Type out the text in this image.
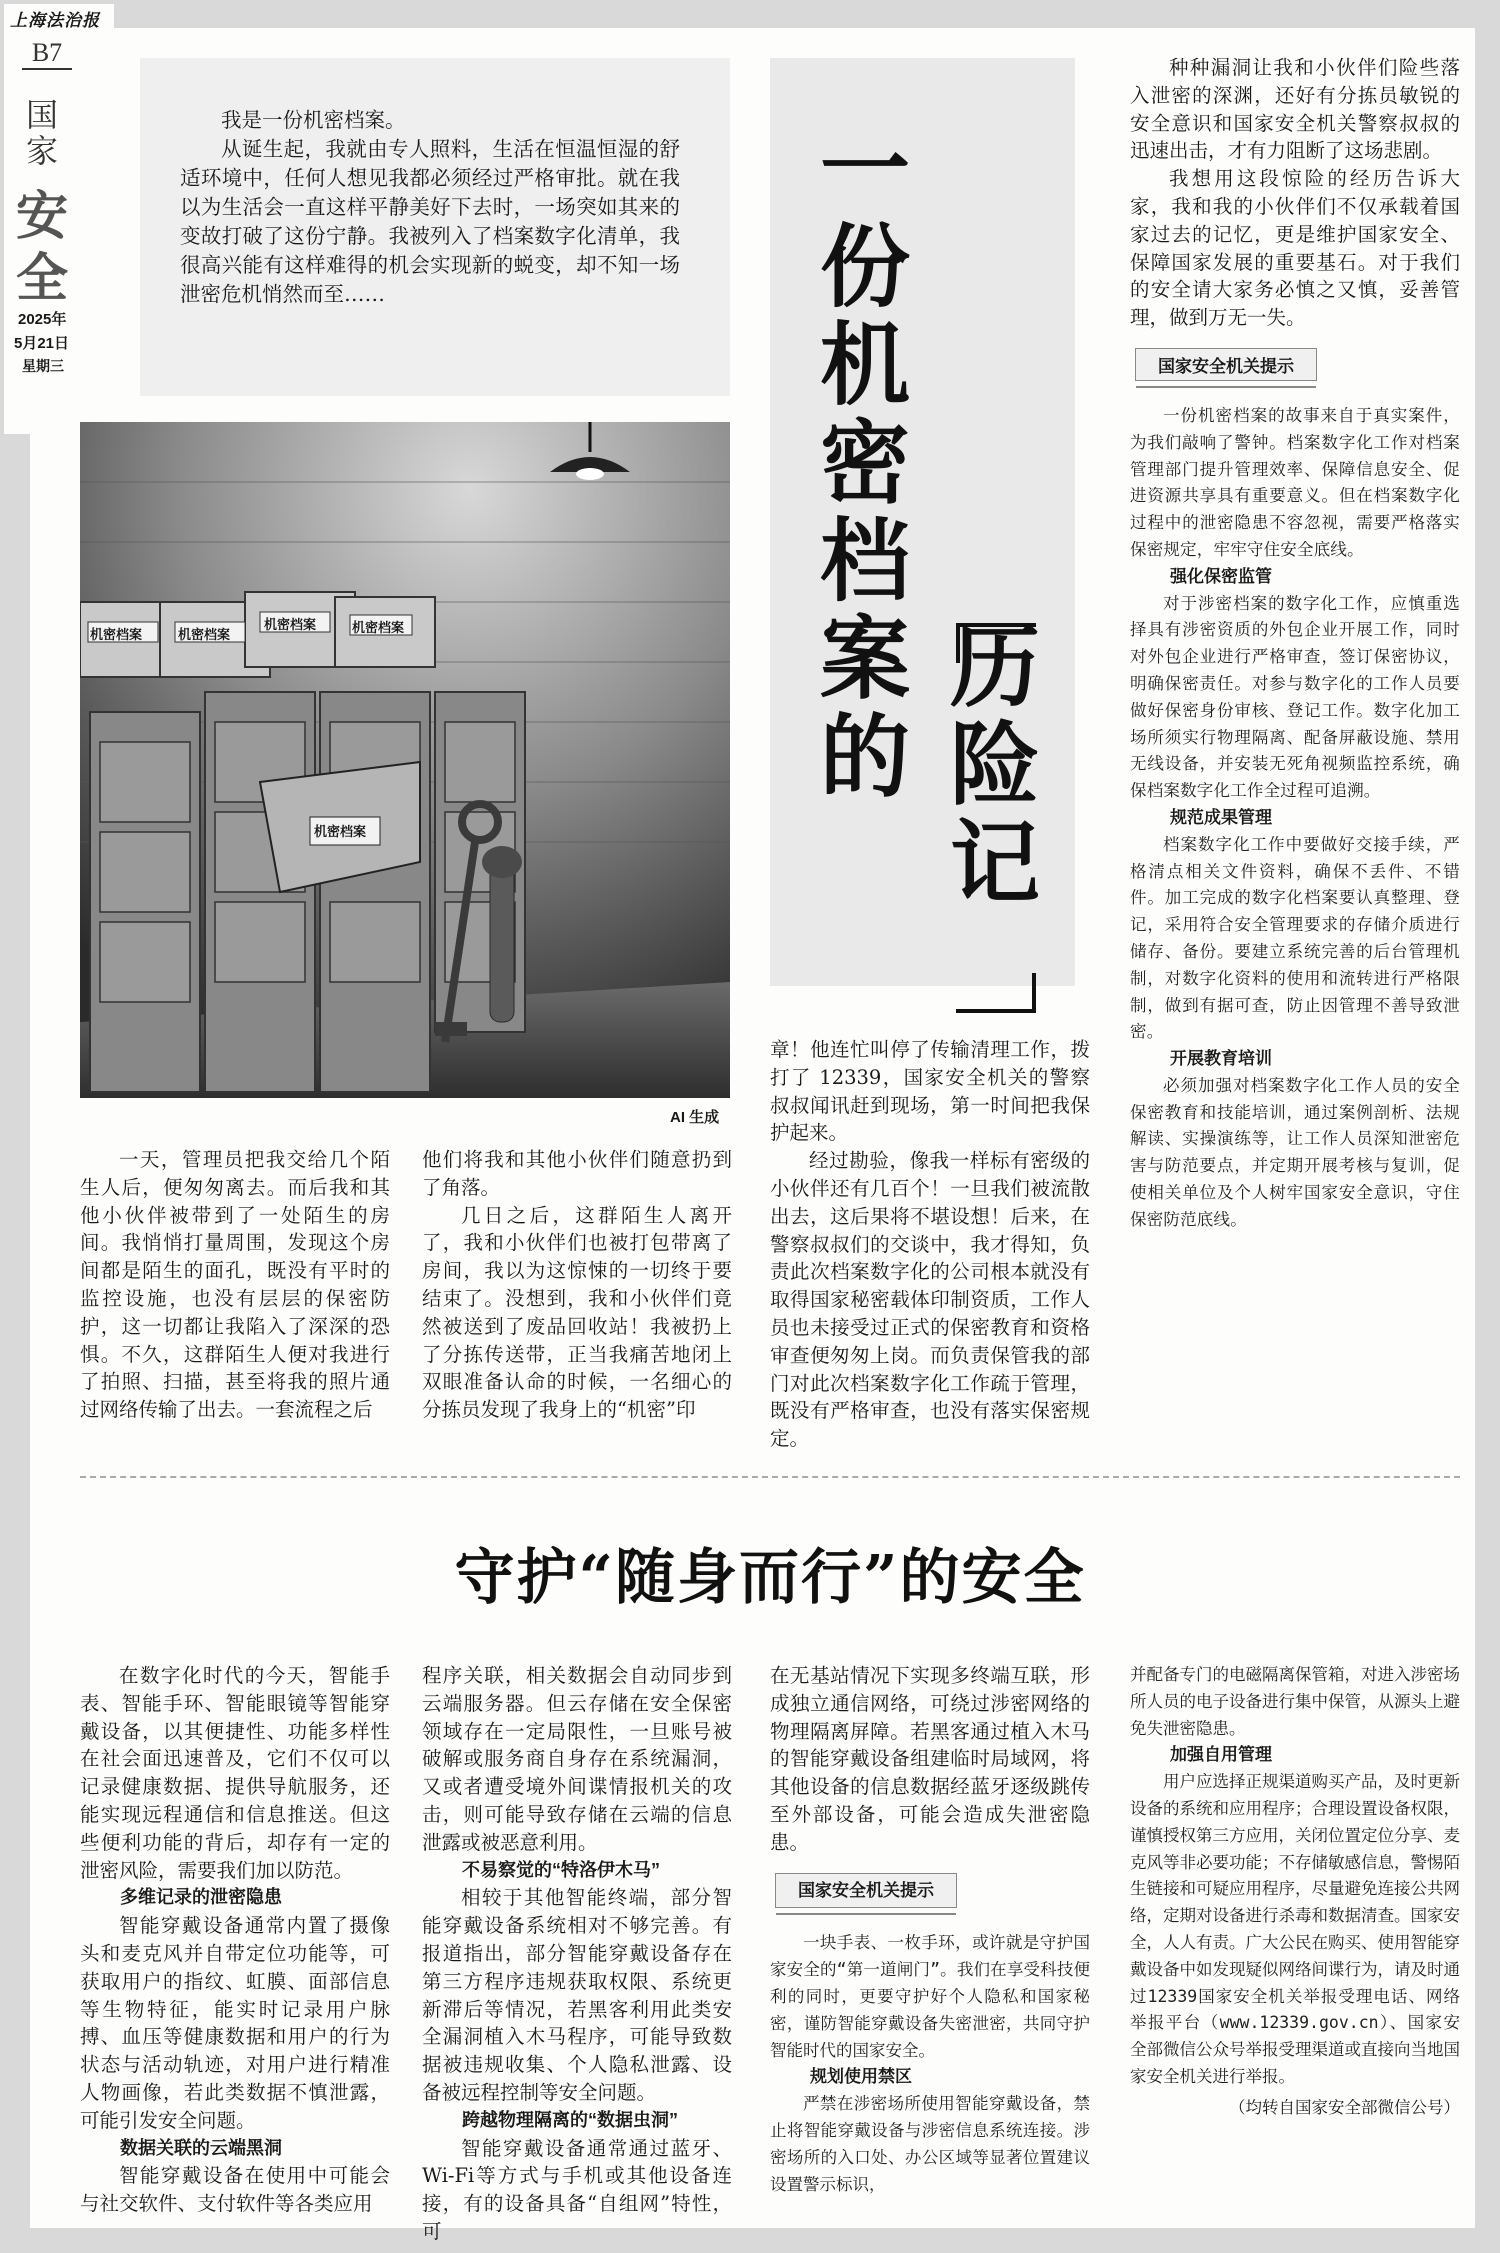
上海法治报
B7
国
家
安
全
2025年
5月21日
星期三

我是一份机密档案。

从诞生起，我就由专人照料，生活在恒温恒湿的舒适环境中，任何人想见我都必须经过严格审批。就在我以为生活会一直这样平静美好下去时，一场突如其来的变故打破了这份宁静。我被列入了档案数字化清单，我很高兴能有这样难得的机会实现新的蜕变，却不知一场泄密危机悄然而至……

机密档案	机密档案
机密档案	机密档案
机密档案
AI 生成
一份机密档案的
历险记

一天，管理员把我交给几个陌生人后，便匆匆离去。而后我和其他小伙伴被带到了一处陌生的房间。我悄悄打量周围，发现这个房间都是陌生的面孔，既没有平时的监控设施，也没有层层的保密防护，这一切都让我陷入了深深的恐惧。不久，这群陌生人便对我进行了拍照、扫描，甚至将我的照片通过网络传输了出去。一套流程之后

他们将我和其他小伙伴们随意扔到了角落。

几日之后，这群陌生人离开了，我和小伙伴们也被打包带离了房间，我以为这惊悚的一切终于要结束了。没想到，我和小伙伴们竟然被送到了废品回收站！我被扔上了分拣传送带，正当我痛苦地闭上双眼准备认命的时候，一名细心的分拣员发现了我身上的“机密”印

章！他连忙叫停了传输清理工作，拨打了 12339，国家安全机关的警察叔叔闻讯赶到现场，第一时间把我保护起来。

经过勘验，像我一样标有密级的小伙伴还有几百个！一旦我们被流散出去，这后果将不堪设想！后来，在警察叔叔们的交谈中，我才得知，负责此次档案数字化的公司根本就没有取得国家秘密载体印制资质，工作人员也未接受过正式的保密教育和资格审查便匆匆上岗。而负责保管我的部门对此次档案数字化工作疏于管理，既没有严格审查，也没有落实保密规定。

种种漏洞让我和小伙伴们险些落入泄密的深渊，还好有分拣员敏锐的安全意识和国家安全机关警察叔叔的迅速出击，才有力阻断了这场悲剧。

我想用这段惊险的经历告诉大家，我和我的小伙伴们不仅承载着国家过去的记忆，更是维护国家安全、保障国家发展的重要基石。对于我们的安全请大家务必慎之又慎，妥善管理，做到万无一失。

国家安全机关提示

一份机密档案的故事来自于真实案件，为我们敲响了警钟。档案数字化工作对档案管理部门提升管理效率、保障信息安全、促进资源共享具有重要意义。但在档案数字化过程中的泄密隐患不容忽视，需要严格落实保密规定，牢牢守住安全底线。

强化保密监管

对于涉密档案的数字化工作，应慎重选择具有涉密资质的外包企业开展工作，同时对外包企业进行严格审查，签订保密协议，明确保密责任。对参与数字化的工作人员要做好保密身份审核、登记工作。数字化加工场所须实行物理隔离、配备屏蔽设施、禁用无线设备，并安装无死角视频监控系统，确保档案数字化工作全过程可追溯。

规范成果管理

档案数字化工作中要做好交接手续，严格清点相关文件资料，确保不丢件、不错件。加工完成的数字化档案要认真整理、登记，采用符合安全管理要求的存储介质进行储存、备份。要建立系统完善的后台管理机制，对数字化资料的使用和流转进行严格限制，做到有据可查，防止因管理不善导致泄密。

开展教育培训

必须加强对档案数字化工作人员的安全保密教育和技能培训，通过案例剖析、法规解读、实操演练等，让工作人员深知泄密危害与防范要点，并定期开展考核与复训，促使相关单位及个人树牢国家安全意识，守住保密防范底线。

守护“随身而行”的安全

在数字化时代的今天，智能手表、智能手环、智能眼镜等智能穿戴设备，以其便捷性、功能多样性在社会面迅速普及，它们不仅可以记录健康数据、提供导航服务，还能实现远程通信和信息推送。但这些便利功能的背后，却存有一定的泄密风险，需要我们加以防范。

多维记录的泄密隐患

智能穿戴设备通常内置了摄像头和麦克风并自带定位功能等，可获取用户的指纹、虹膜、面部信息等生物特征，能实时记录用户脉搏、血压等健康数据和用户的行为状态与活动轨迹，对用户进行精准人物画像，若此类数据不慎泄露，可能引发安全问题。

数据关联的云端黑洞

智能穿戴设备在使用中可能会与社交软件、支付软件等各类应用

程序关联，相关数据会自动同步到云端服务器。但云存储在安全保密领域存在一定局限性，一旦账号被破解或服务商自身存在系统漏洞，又或者遭受境外间谍情报机关的攻击，则可能导致存储在云端的信息泄露或被恶意利用。

不易察觉的“特洛伊木马”

相较于其他智能终端，部分智能穿戴设备系统相对不够完善。有报道指出，部分智能穿戴设备存在第三方程序违规获取权限、系统更新滞后等情况，若黑客利用此类安全漏洞植入木马程序，可能导致数据被违规收集、个人隐私泄露、设备被远程控制等安全问题。

跨越物理隔离的“数据虫洞”

智能穿戴设备通常通过蓝牙、Wi-Fi等方式与手机或其他设备连接，有的设备具备“自组网”特性，可

在无基站情况下实现多终端互联，形成独立通信网络，可绕过涉密网络的物理隔离屏障。若黑客通过植入木马的智能穿戴设备组建临时局域网，将其他设备的信息数据经蓝牙逐级跳传至外部设备，可能会造成失泄密隐患。

国家安全机关提示

一块手表、一枚手环，或许就是守护国家安全的“第一道闸门”。我们在享受科技便利的同时，更要守护好个人隐私和国家秘密，谨防智能穿戴设备失密泄密，共同守护智能时代的国家安全。

规划使用禁区

严禁在涉密场所使用智能穿戴设备，禁止将智能穿戴设备与涉密信息系统连接。涉密场所的入口处、办公区域等显著位置建议设置警示标识，

并配备专门的电磁隔离保管箱，对进入涉密场所人员的电子设备进行集中保管，从源头上避免失泄密隐患。

加强自用管理

用户应选择正规渠道购买产品，及时更新设备的系统和应用程序；合理设置设备权限，谨慎授权第三方应用，关闭位置定位分享、麦克风等非必要功能；不存储敏感信息，警惕陌生链接和可疑应用程序，尽量避免连接公共网络，定期对设备进行杀毒和数据清查。国家安全，人人有责。广大公民在购买、使用智能穿戴设备中如发现疑似网络间谍行为，请及时通过12339国家安全机关举报受理电话、网络举报平台（www.12339.gov.cn）、国家安全部微信公众号举报受理渠道或直接向当地国家安全机关进行举报。

（均转自国家安全部微信公号）
